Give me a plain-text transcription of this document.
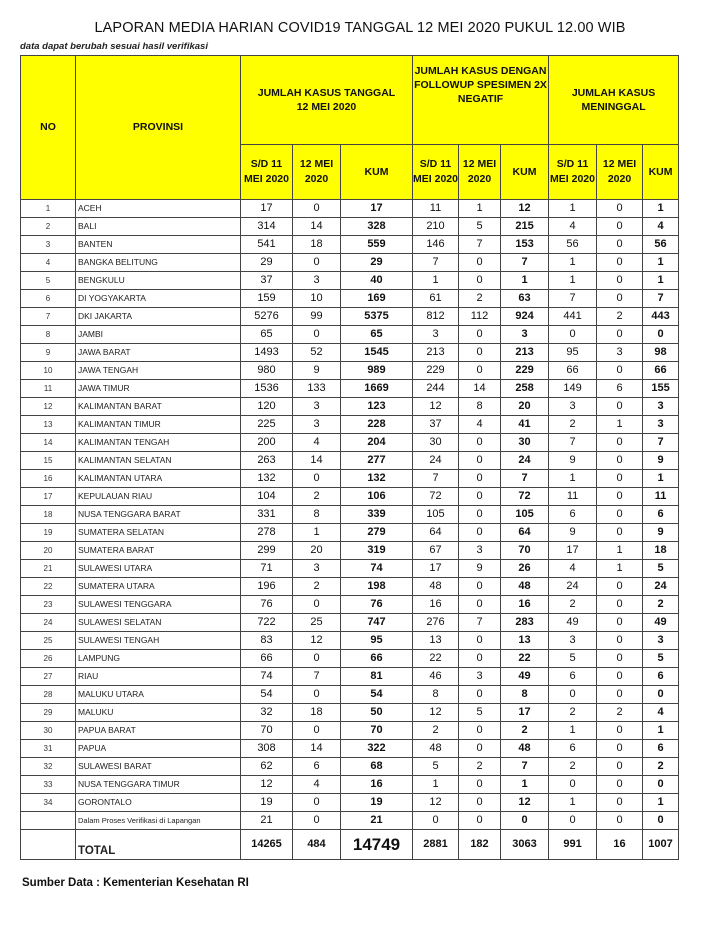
LAPORAN MEDIA HARIAN COVID19 TANGGAL 12 MEI 2020 PUKUL 12.00 WIB
data dapat berubah sesuai hasil verifikasi
NO	PROVINSI	JUMLAH KASUS TANGGAL 12 MEI 2020			JUMLAH KASUS DENGAN FOLLOWUP SPESIMEN 2X NEGATIF			JUMLAH KASUS MENINGGAL		
		S/D 11 MEI 2020	12 MEI 2020	KUM	S/D 11 MEI 2020	12 MEI 2020	KUM	S/D 11 MEI 2020	12 MEI 2020	KUM
1	ACEH	17	0	17	11	1	12	1	0	1
2	BALI	314	14	328	210	5	215	4	0	4
3	BANTEN	541	18	559	146	7	153	56	0	56
4	BANGKA BELITUNG	29	0	29	7	0	7	1	0	1
5	BENGKULU	37	3	40	1	0	1	1	0	1
6	DI YOGYAKARTA	159	10	169	61	2	63	7	0	7
7	DKI JAKARTA	5276	99	5375	812	112	924	441	2	443
8	JAMBI	65	0	65	3	0	3	0	0	0
9	JAWA BARAT	1493	52	1545	213	0	213	95	3	98
10	JAWA TENGAH	980	9	989	229	0	229	66	0	66
11	JAWA TIMUR	1536	133	1669	244	14	258	149	6	155
12	KALIMANTAN BARAT	120	3	123	12	8	20	3	0	3
13	KALIMANTAN TIMUR	225	3	228	37	4	41	2	1	3
14	KALIMANTAN TENGAH	200	4	204	30	0	30	7	0	7
15	KALIMANTAN SELATAN	263	14	277	24	0	24	9	0	9
16	KALIMANTAN UTARA	132	0	132	7	0	7	1	0	1
17	KEPULAUAN RIAU	104	2	106	72	0	72	11	0	11
18	NUSA TENGGARA BARAT	331	8	339	105	0	105	6	0	6
19	SUMATERA SELATAN	278	1	279	64	0	64	9	0	9
20	SUMATERA BARAT	299	20	319	67	3	70	17	1	18
21	SULAWESI UTARA	71	3	74	17	9	26	4	1	5
22	SUMATERA UTARA	196	2	198	48	0	48	24	0	24
23	SULAWESI TENGGARA	76	0	76	16	0	16	2	0	2
24	SULAWESI SELATAN	722	25	747	276	7	283	49	0	49
25	SULAWESI TENGAH	83	12	95	13	0	13	3	0	3
26	LAMPUNG	66	0	66	22	0	22	5	0	5
27	RIAU	74	7	81	46	3	49	6	0	6
28	MALUKU UTARA	54	0	54	8	0	8	0	0	0
29	MALUKU	32	18	50	12	5	17	2	2	4
30	PAPUA BARAT	70	0	70	2	0	2	1	0	1
31	PAPUA	308	14	322	48	0	48	6	0	6
32	SULAWESI BARAT	62	6	68	5	2	7	2	0	2
33	NUSA TENGGARA TIMUR	12	4	16	1	0	1	0	0	0
34	GORONTALO	19	0	19	12	0	12	1	0	1
	Dalam Proses Verifikasi di Lapangan	21	0	21	0	0	0	0	0	0
	TOTAL	14265	484	14749	2881	182	3063	991	16	1007
Sumber Data : Kementerian Kesehatan RI
